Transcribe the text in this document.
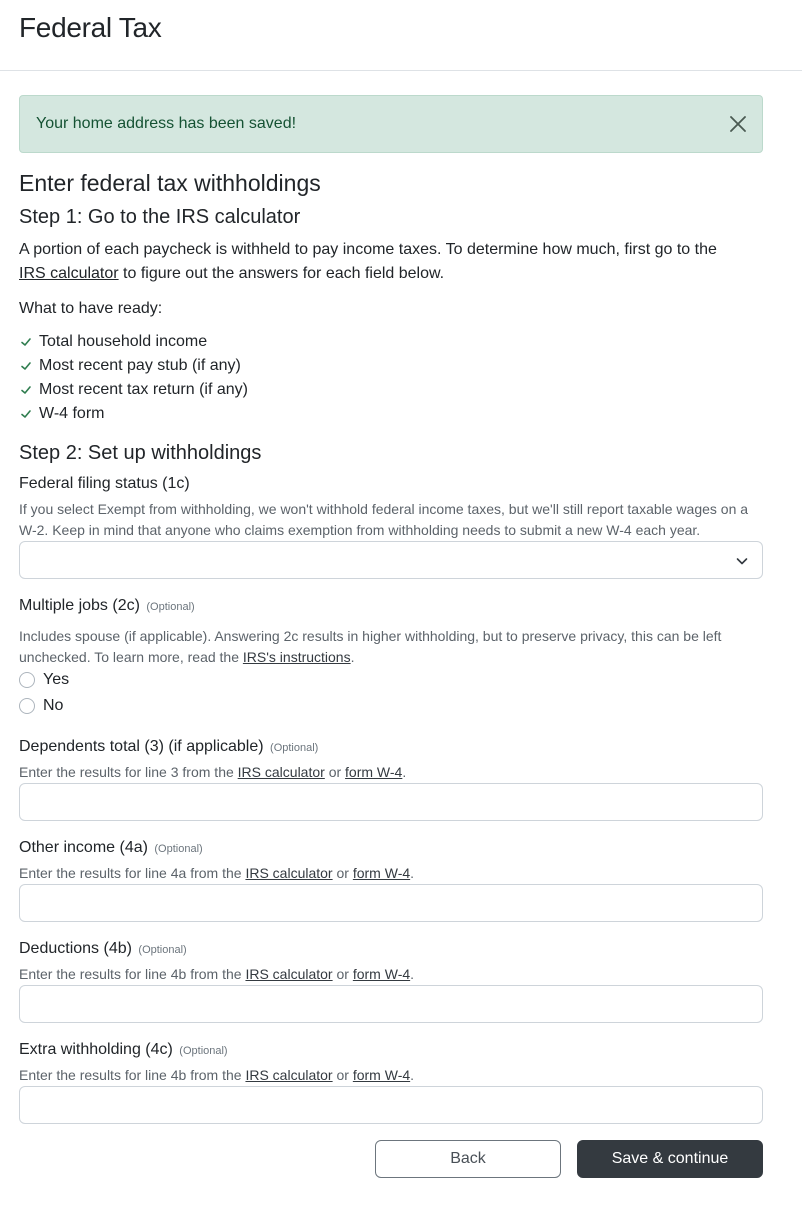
Federal Tax
Your home address has been saved!
Enter federal tax withholdings
Step 1: Go to the IRS calculator

A portion of each paycheck is withheld to pay income taxes. To determine how much, first go to the
IRS calculator to figure out the answers for each field below.

What to have ready:
Total household income
Most recent pay stub (if any)
Most recent tax return (if any)
W-4 form
Step 2: Set up withholdings
Federal filing status (1c)
If you select Exempt from withholding, we won't withhold federal income taxes, but we'll still report taxable wages on a W-2. Keep in mind that anyone who claims exemption from withholding needs to submit a new W-4 each year.
Multiple jobs (2c) (Optional)
Includes spouse (if applicable). Answering 2c results in higher withholding, but to preserve privacy, this can be left unchecked. To learn more, read the IRS's instructions.
Yes
No
Dependents total (3) (if applicable) (Optional)
Enter the results for line 3 from the IRS calculator or form W-4.
Other income (4a) (Optional)
Enter the results for line 4a from the IRS calculator or form W-4.
Deductions (4b) (Optional)
Enter the results for line 4b from the IRS calculator or form W-4.
Extra withholding (4c) (Optional)
Enter the results for line 4b from the IRS calculator or form W-4.
Back	Save & continue
